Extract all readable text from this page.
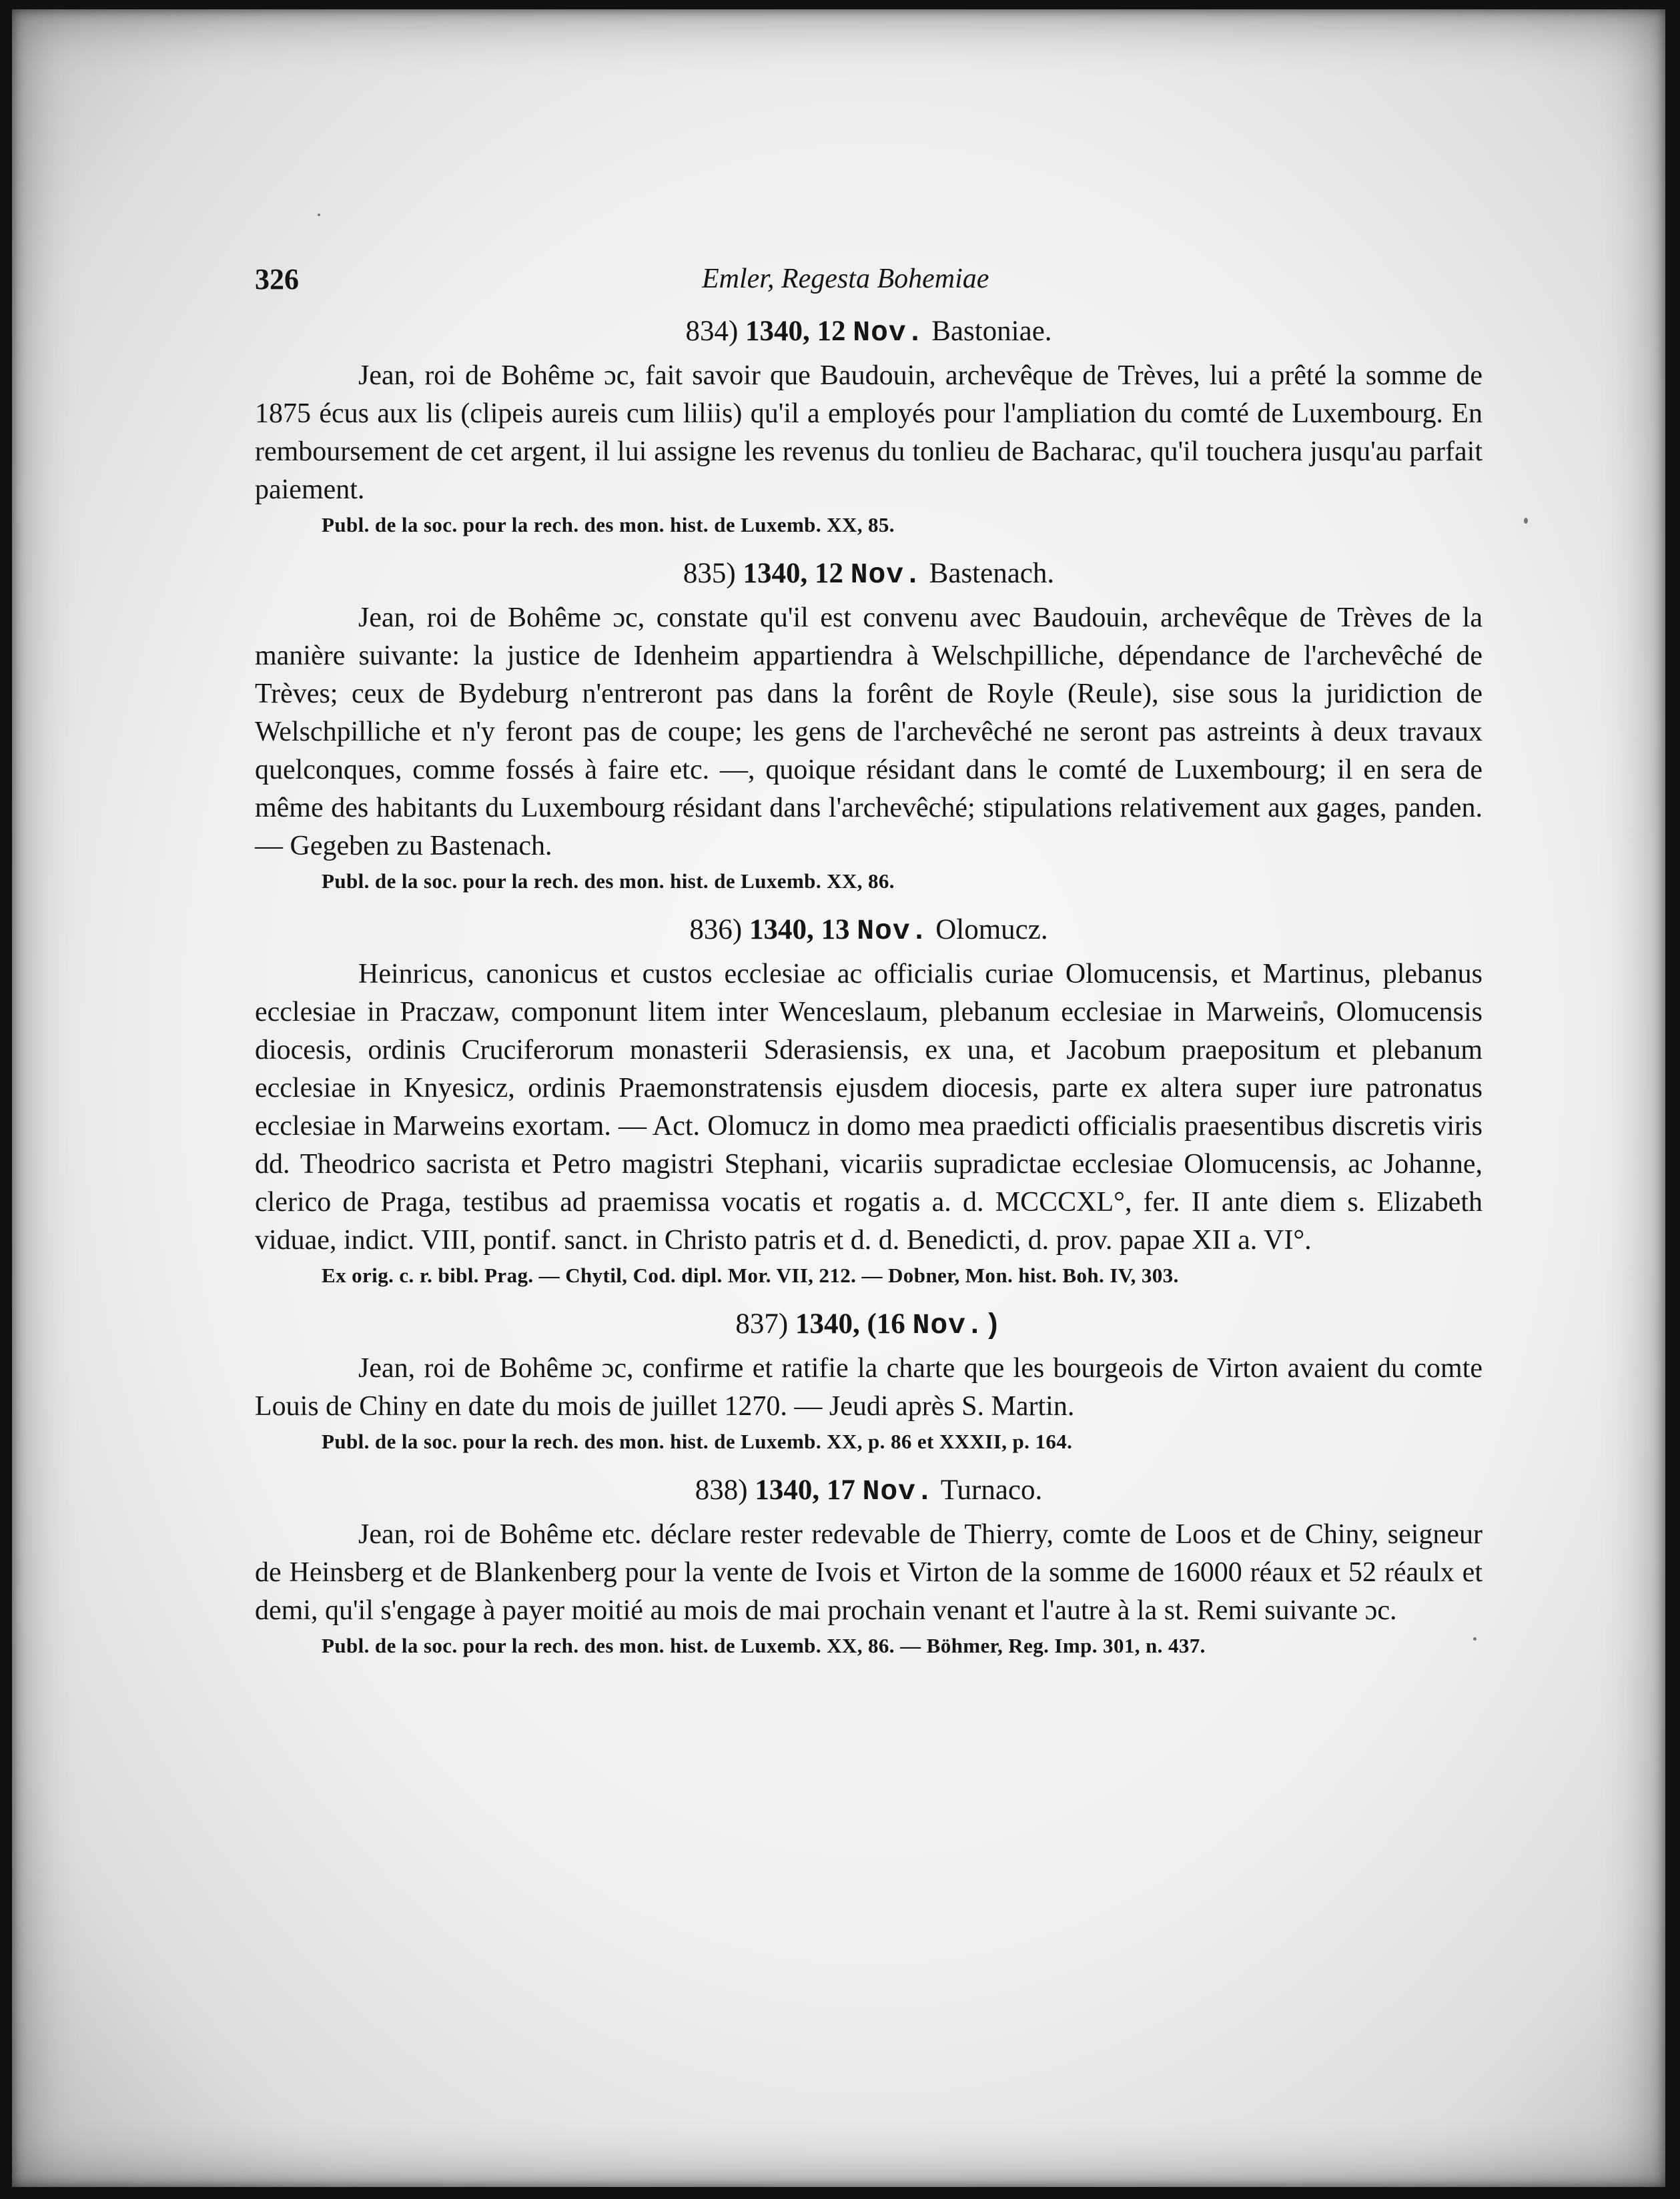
326	Emler, Regesta Bohemiae
834) 1340, 12 Nov. Bastoniae.
Jean, roi de Bohême ɔc, fait savoir que Baudouin, archevêque de Trèves, lui a prêté la somme de 1875 écus aux lis (clipeis aureis cum liliis) qu'il a employés pour l'ampliation du comté de Luxembourg. En remboursement de cet argent, il lui assigne les revenus du tonlieu de Bacharac, qu'il touchera jusqu'au parfait paiement.
Publ. de la soc. pour la rech. des mon. hist. de Luxemb. XX, 85.
835) 1340, 12 Nov. Bastenach.
Jean, roi de Bohême ɔc, constate qu'il est convenu avec Baudouin, archevêque de Trèves de la manière suivante: la justice de Idenheim appartiendra à Welschpilliche, dépendance de l'archevêché de Trèves; ceux de Bydeburg n'entreront pas dans la forênt de Royle (Reule), sise sous la juridiction de Welschpilliche et n'y feront pas de coupe; les gens de l'archevêché ne seront pas astreints à deux travaux quelconques, comme fossés à faire etc. —, quoique résidant dans le comté de Luxembourg; il en sera de même des habitants du Luxembourg résidant dans l'archevêché; stipulations relativement aux gages, panden. — Gegeben zu Bastenach.
Publ. de la soc. pour la rech. des mon. hist. de Luxemb. XX, 86.
836) 1340, 13 Nov. Olomucz.
Heinricus, canonicus et custos ecclesiae ac officialis curiae Olomucensis, et Martinus, plebanus ecclesiae in Praczaw, componunt litem inter Wenceslaum, plebanum ecclesiae in Marweins, Olomucensis diocesis, ordinis Cruciferorum monasterii Sderasiensis, ex una, et Jacobum praepositum et plebanum ecclesiae in Knyesicz, ordinis Praemonstratensis ejusdem diocesis, parte ex altera super iure patronatus ecclesiae in Marweins exortam. — Act. Olomucz in domo mea praedicti officialis praesentibus discretis viris dd. Theodrico sacrista et Petro magistri Stephani, vicariis supradictae ecclesiae Olomucensis, ac Johanne, clerico de Praga, testibus ad praemissa vocatis et rogatis a. d. MCCCXL°, fer. II ante diem s. Elizabeth viduae, indict. VIII, pontif. sanct. in Christo patris et d. d. Benedicti, d. prov. papae XII a. VI°.
Ex orig. c. r. bibl. Prag. — Chytil, Cod. dipl. Mor. VII, 212. — Dobner, Mon. hist. Boh. IV, 303.
837) 1340, (16 Nov.)
Jean, roi de Bohême ɔc, confirme et ratifie la charte que les bourgeois de Virton avaient du comte Louis de Chiny en date du mois de juillet 1270. — Jeudi après S. Martin.
Publ. de la soc. pour la rech. des mon. hist. de Luxemb. XX, p. 86 et XXXII, p. 164.
838) 1340, 17 Nov. Turnaco.
Jean, roi de Bohême etc. déclare rester redevable de Thierry, comte de Loos et de Chiny, seigneur de Heinsberg et de Blankenberg pour la vente de Ivois et Virton de la somme de 16000 réaux et 52 réaulx et demi, qu'il s'engage à payer moitié au mois de mai prochain venant et l'autre à la st. Remi suivante ɔc.
Publ. de la soc. pour la rech. des mon. hist. de Luxemb. XX, 86. — Böhmer, Reg. Imp. 301, n. 437.
